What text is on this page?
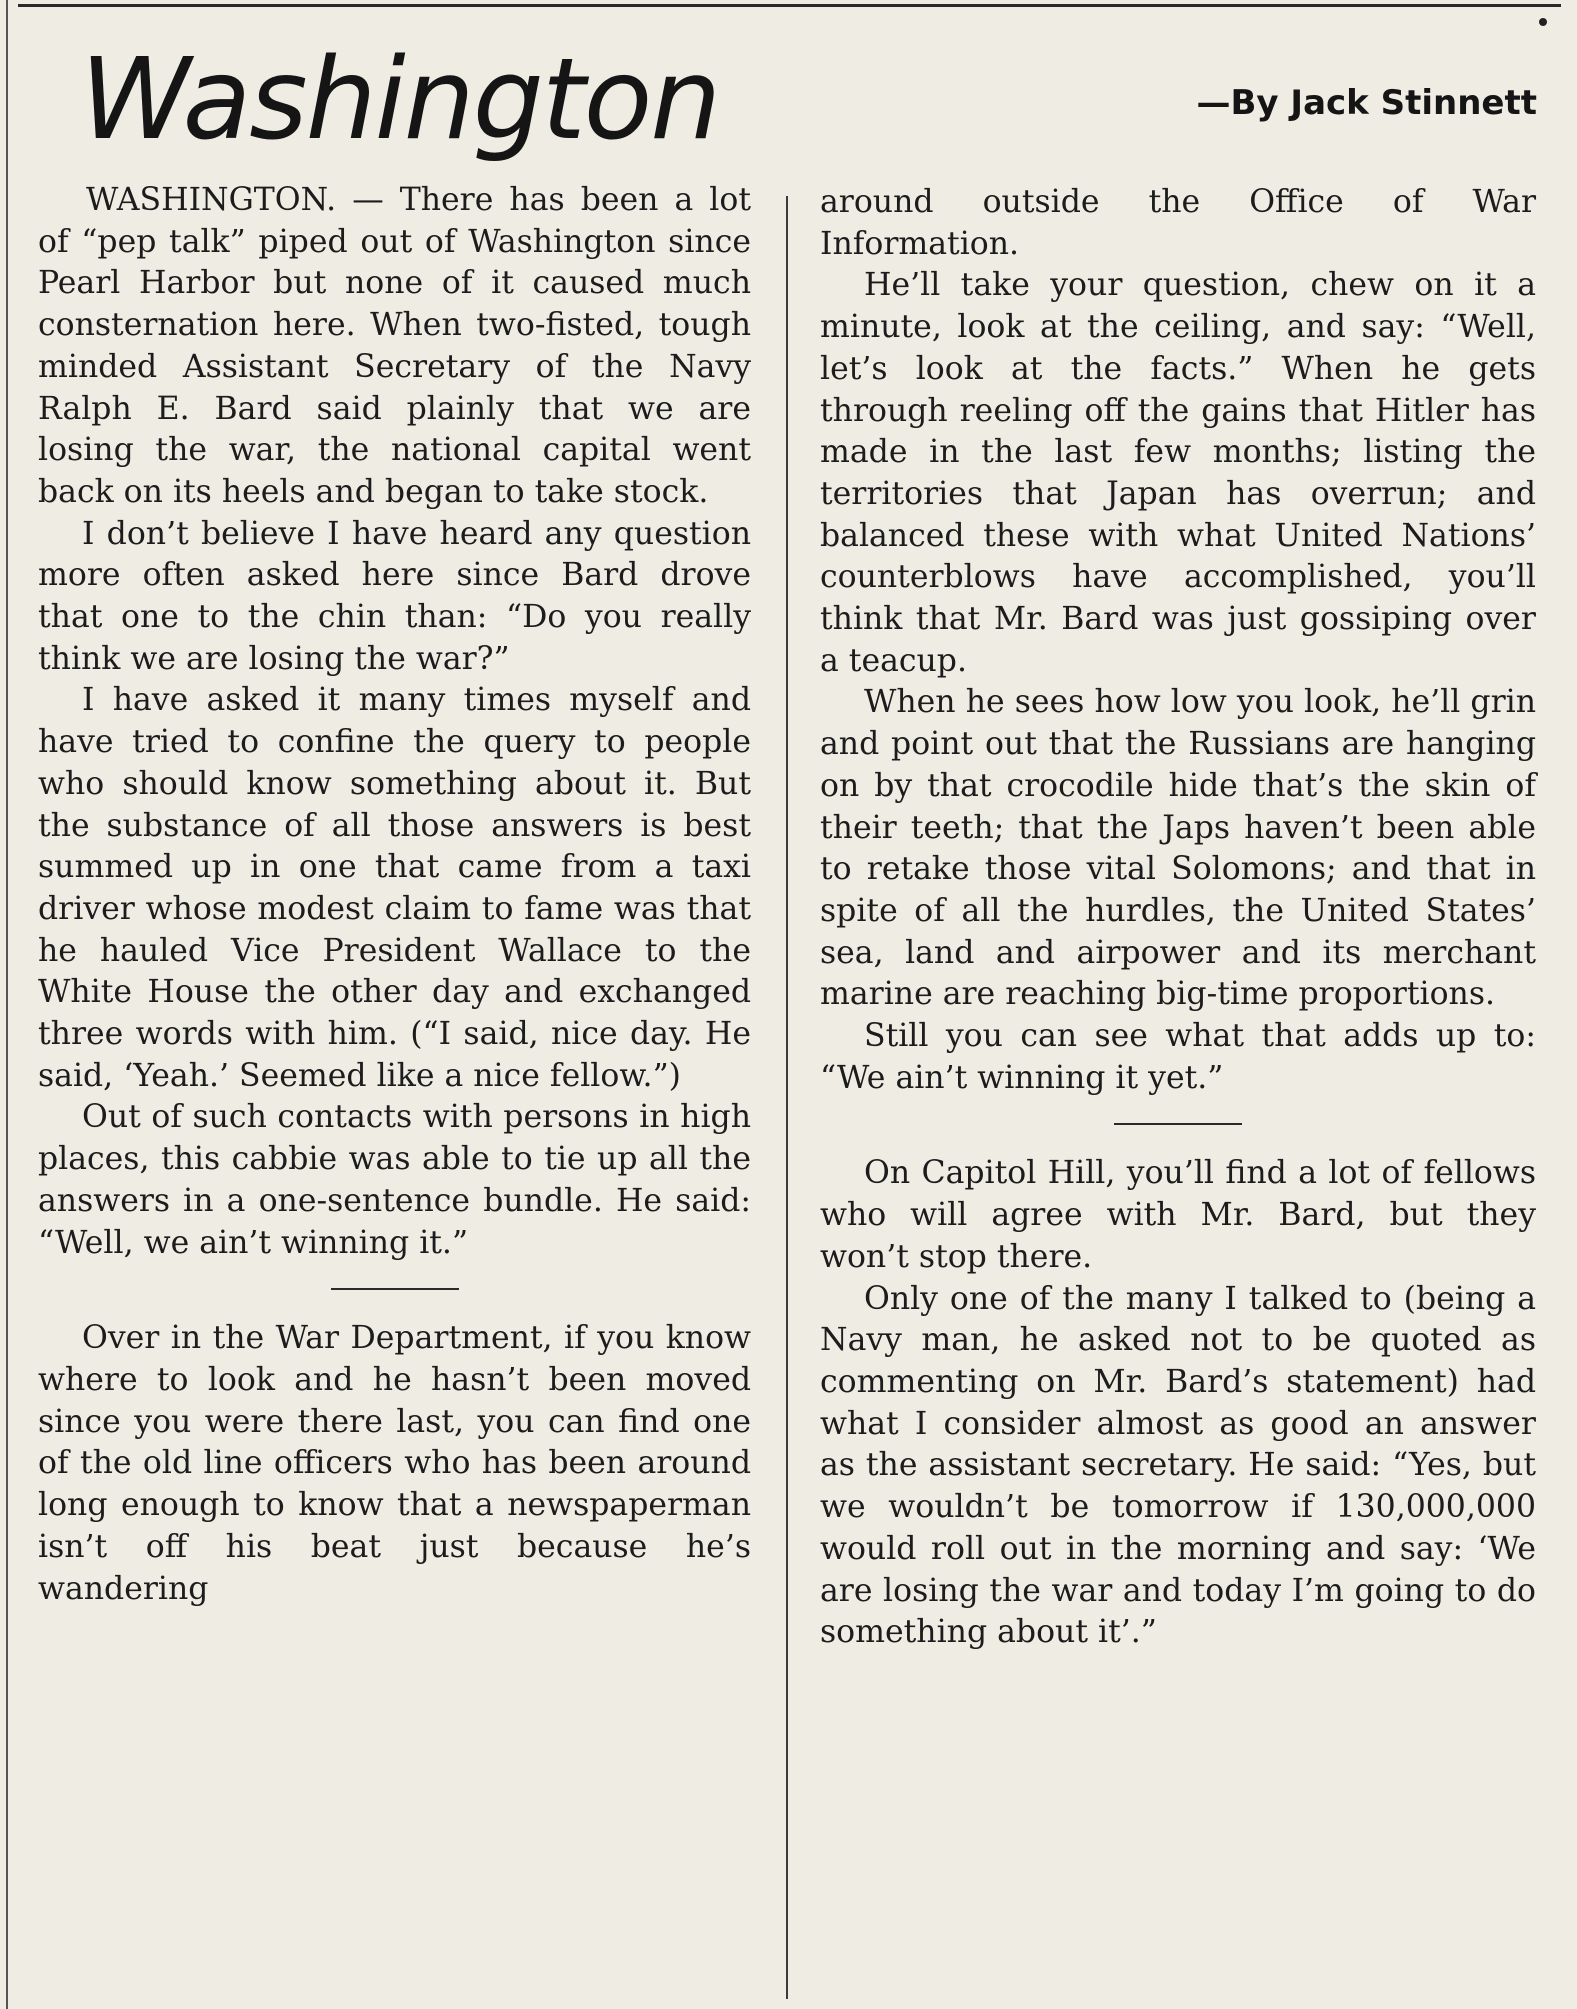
Washington	—By Jack Stinnett

WASHINGTON. — There has been a lot of “pep talk” piped out of Washington since Pearl Harbor but none of it caused much consternation here. When two-fisted, tough minded Assistant Secretary of the Navy Ralph E. Bard said plainly that we are losing the war, the national capital went back on its heels and began to take stock.

I don’t believe I have heard any question more often asked here since Bard drove that one to the chin than: “Do you really think we are losing the war?”

I have asked it many times myself and have tried to confine the query to people who should know something about it. But the substance of all those answers is best summed up in one that came from a taxi driver whose modest claim to fame was that he hauled Vice President Wallace to the White House the other day and exchanged three words with him. (“I said, nice day. He said, ‘Yeah.’ Seemed like a nice fellow.”)

Out of such contacts with persons in high places, this cabbie was able to tie up all the answers in a one-sentence bundle. He said: “Well, we ain’t winning it.”

Over in the War Department, if you know where to look and he hasn’t been moved since you were there last, you can find one of the old line officers who has been around long enough to know that a newspaperman isn’t off his beat just because he’s wandering

around outside the Office of War Information.

He’ll take your question, chew on it a minute, look at the ceiling, and say: “Well, let’s look at the facts.” When he gets through reeling off the gains that Hitler has made in the last few months; listing the territories that Japan has overrun; and balanced these with what United Nations’ counterblows have accomplished, you’ll think that Mr. Bard was just gossiping over a teacup.

When he sees how low you look, he’ll grin and point out that the Russians are hanging on by that crocodile hide that’s the skin of their teeth; that the Japs haven’t been able to retake those vital Solomons; and that in spite of all the hurdles, the United States’ sea, land and airpower and its merchant marine are reaching big-time proportions.

Still you can see what that adds up to: “We ain’t winning it yet.”

On Capitol Hill, you’ll find a lot of fellows who will agree with Mr. Bard, but they won’t stop there.

Only one of the many I talked to (being a Navy man, he asked not to be quoted as commenting on Mr. Bard’s statement) had what I consider almost as good an answer as the assistant secretary. He said: “Yes, but we wouldn’t be tomorrow if 130,000,000 would roll out in the morning and say: ‘We are losing the war and today I’m going to do something about it’.”
